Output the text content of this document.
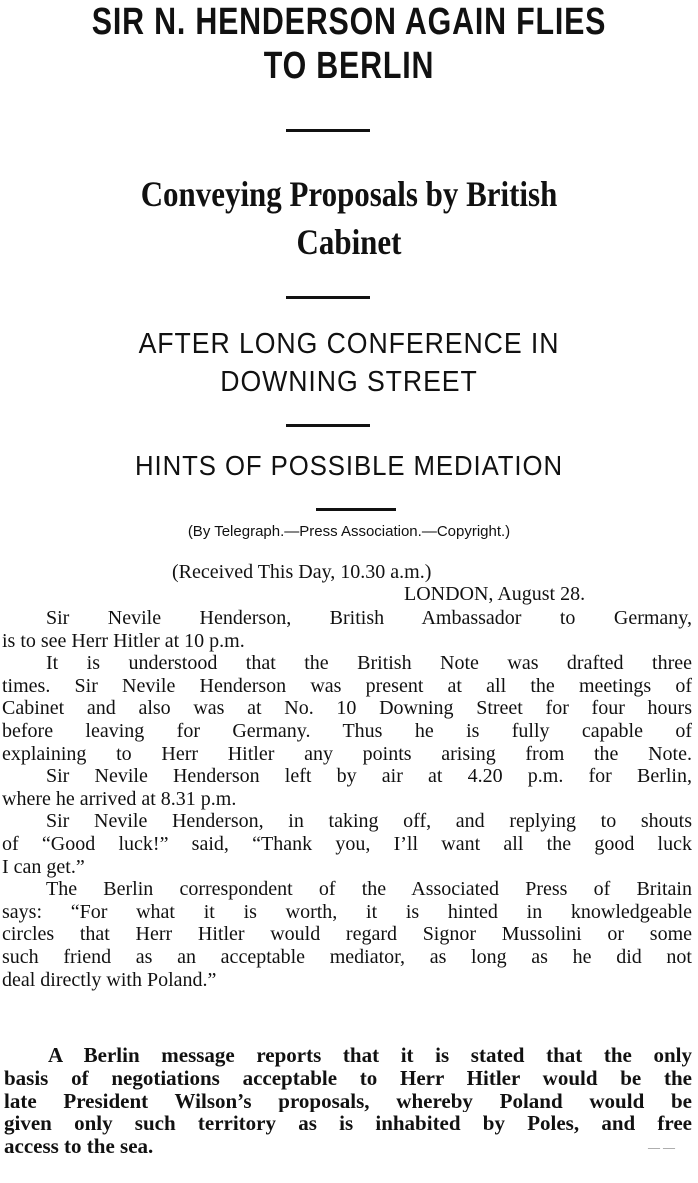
SIR N. HENDERSON AGAIN FLIES
TO BERLIN
Conveying Proposals by British
Cabinet
AFTER LONG CONFERENCE IN
DOWNING STREET
HINTS OF POSSIBLE MEDIATION
(By Telegraph.—Press Association.—Copyright.)
(Received This Day, 10.30 a.m.)
LONDON, August 28.
Sir Nevile Henderson, British Ambassador to Germany,
is to see Herr Hitler at 10 p.m.
It is understood that the British Note was drafted three
times. Sir Nevile Henderson was present at all the meetings of
Cabinet and also was at No. 10 Downing Street for four hours
before leaving for Germany. Thus he is fully capable of
explaining to Herr Hitler any points arising from the Note.
Sir Nevile Henderson left by air at 4.20 p.m. for Berlin,
where he arrived at 8.31 p.m.
Sir Nevile Henderson, in taking off, and replying to shouts
of “Good luck!” said, “Thank you, I’ll want all the good luck
I can get.”
The Berlin correspondent of the Associated Press of Britain
says: “For what it is worth, it is hinted in knowledgeable
circles that Herr Hitler would regard Signor Mussolini or some
such friend as an acceptable mediator, as long as he did not
deal directly with Poland.”
A Berlin message reports that it is stated that the only
basis of negotiations acceptable to Herr Hitler would be the
late President Wilson’s proposals, whereby Poland would be
given only such territory as is inhabited by Poles, and free
access to the sea.	— —
